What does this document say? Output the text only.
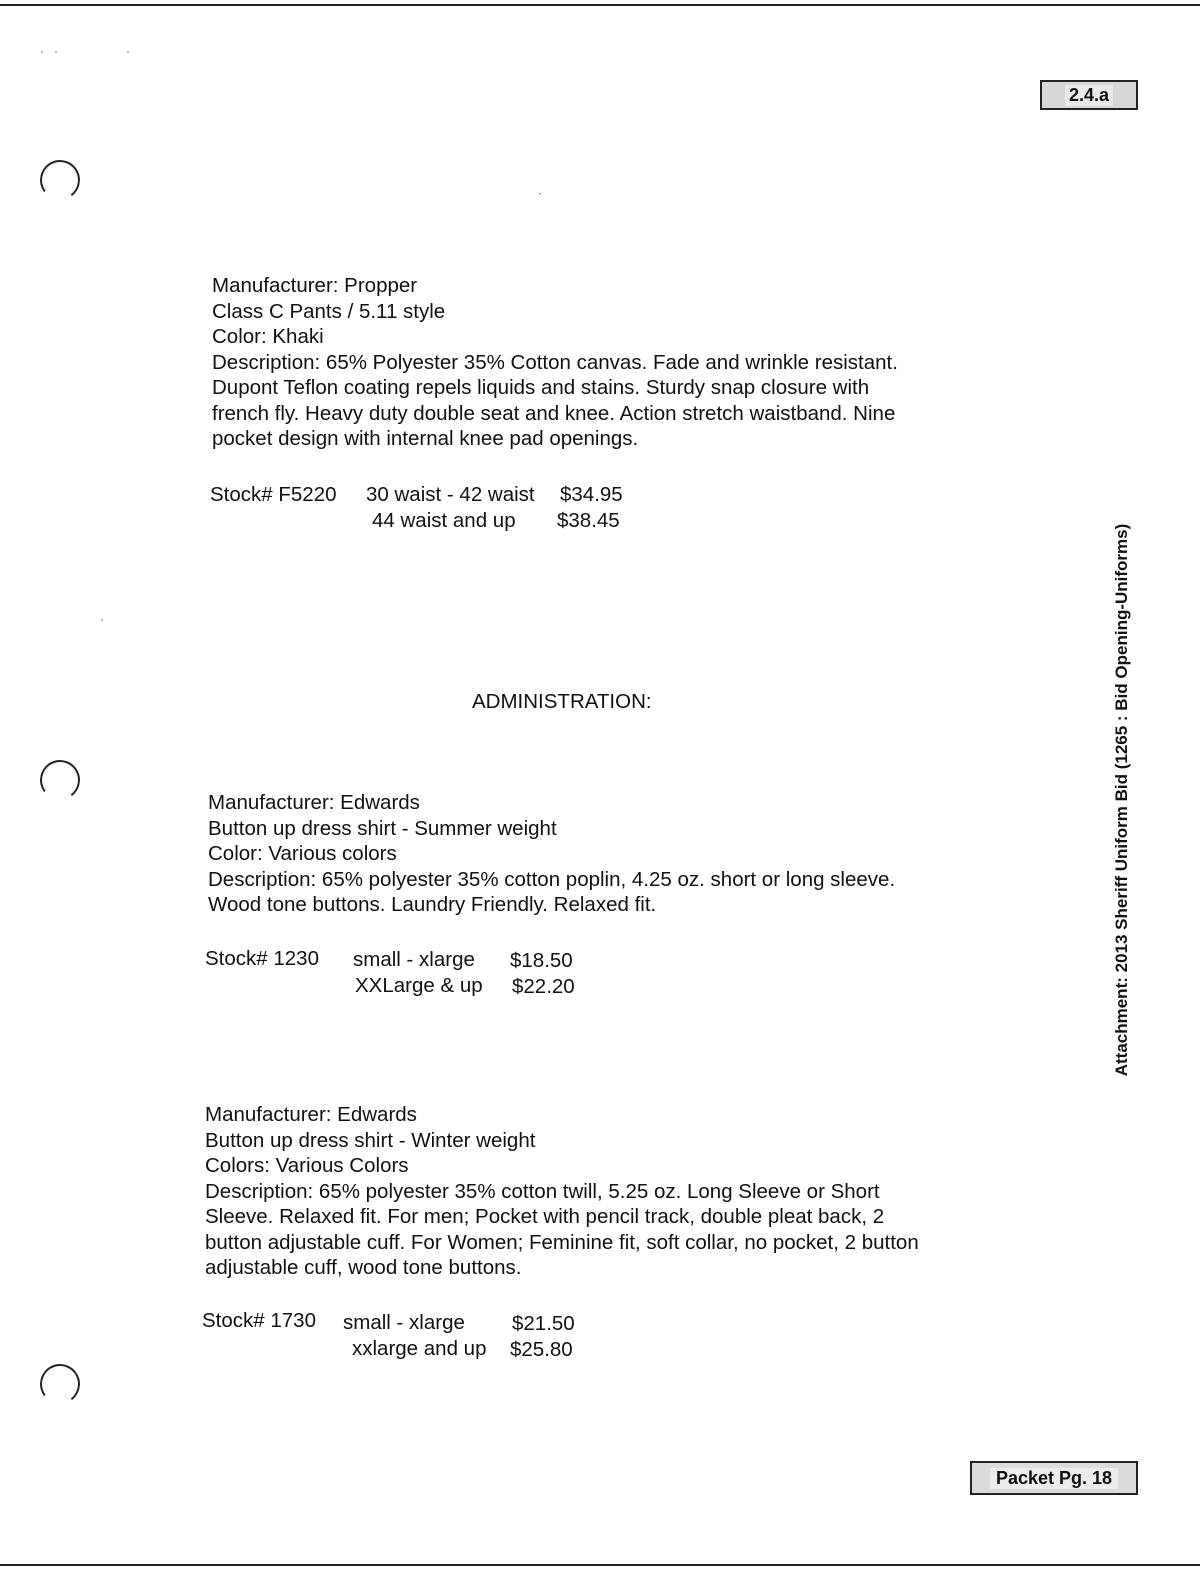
··	·
·
·
2.4.a
Attachment: 2013 Sheriff Uniform Bid (1265 : Bid Opening-Uniforms)
Manufacturer: Propper
Class C Pants / 5.11 style
Color: Khaki
Description: 65% Polyester 35% Cotton canvas. Fade and wrinkle resistant.
Dupont Teflon coating repels liquids and stains. Sturdy snap closure with
french fly. Heavy duty double seat and knee. Action stretch waistband. Nine
pocket design with internal knee pad openings.
Stock# F5220 30 waist - 42 waist $34.95
44 waist and up $38.45
ADMINISTRATION:
Manufacturer: Edwards
Button up dress shirt - Summer weight
Color: Various colors
Description: 65% polyester 35% cotton poplin, 4.25 oz. short or long sleeve.
Wood tone buttons. Laundry Friendly. Relaxed fit.
Stock# 1230 small - xlarge $18.50
XXLarge & up $22.20
Manufacturer: Edwards
Button up dress shirt - Winter weight
Colors: Various Colors
Description: 65% polyester 35% cotton twill, 5.25 oz. Long Sleeve or Short
Sleeve. Relaxed fit. For men; Pocket with pencil track, double pleat back, 2
button adjustable cuff. For Women; Feminine fit, soft collar, no pocket, 2 button
adjustable cuff, wood tone buttons.
Stock# 1730 small - xlarge $21.50
xxlarge and up $25.80
Packet Pg. 18
